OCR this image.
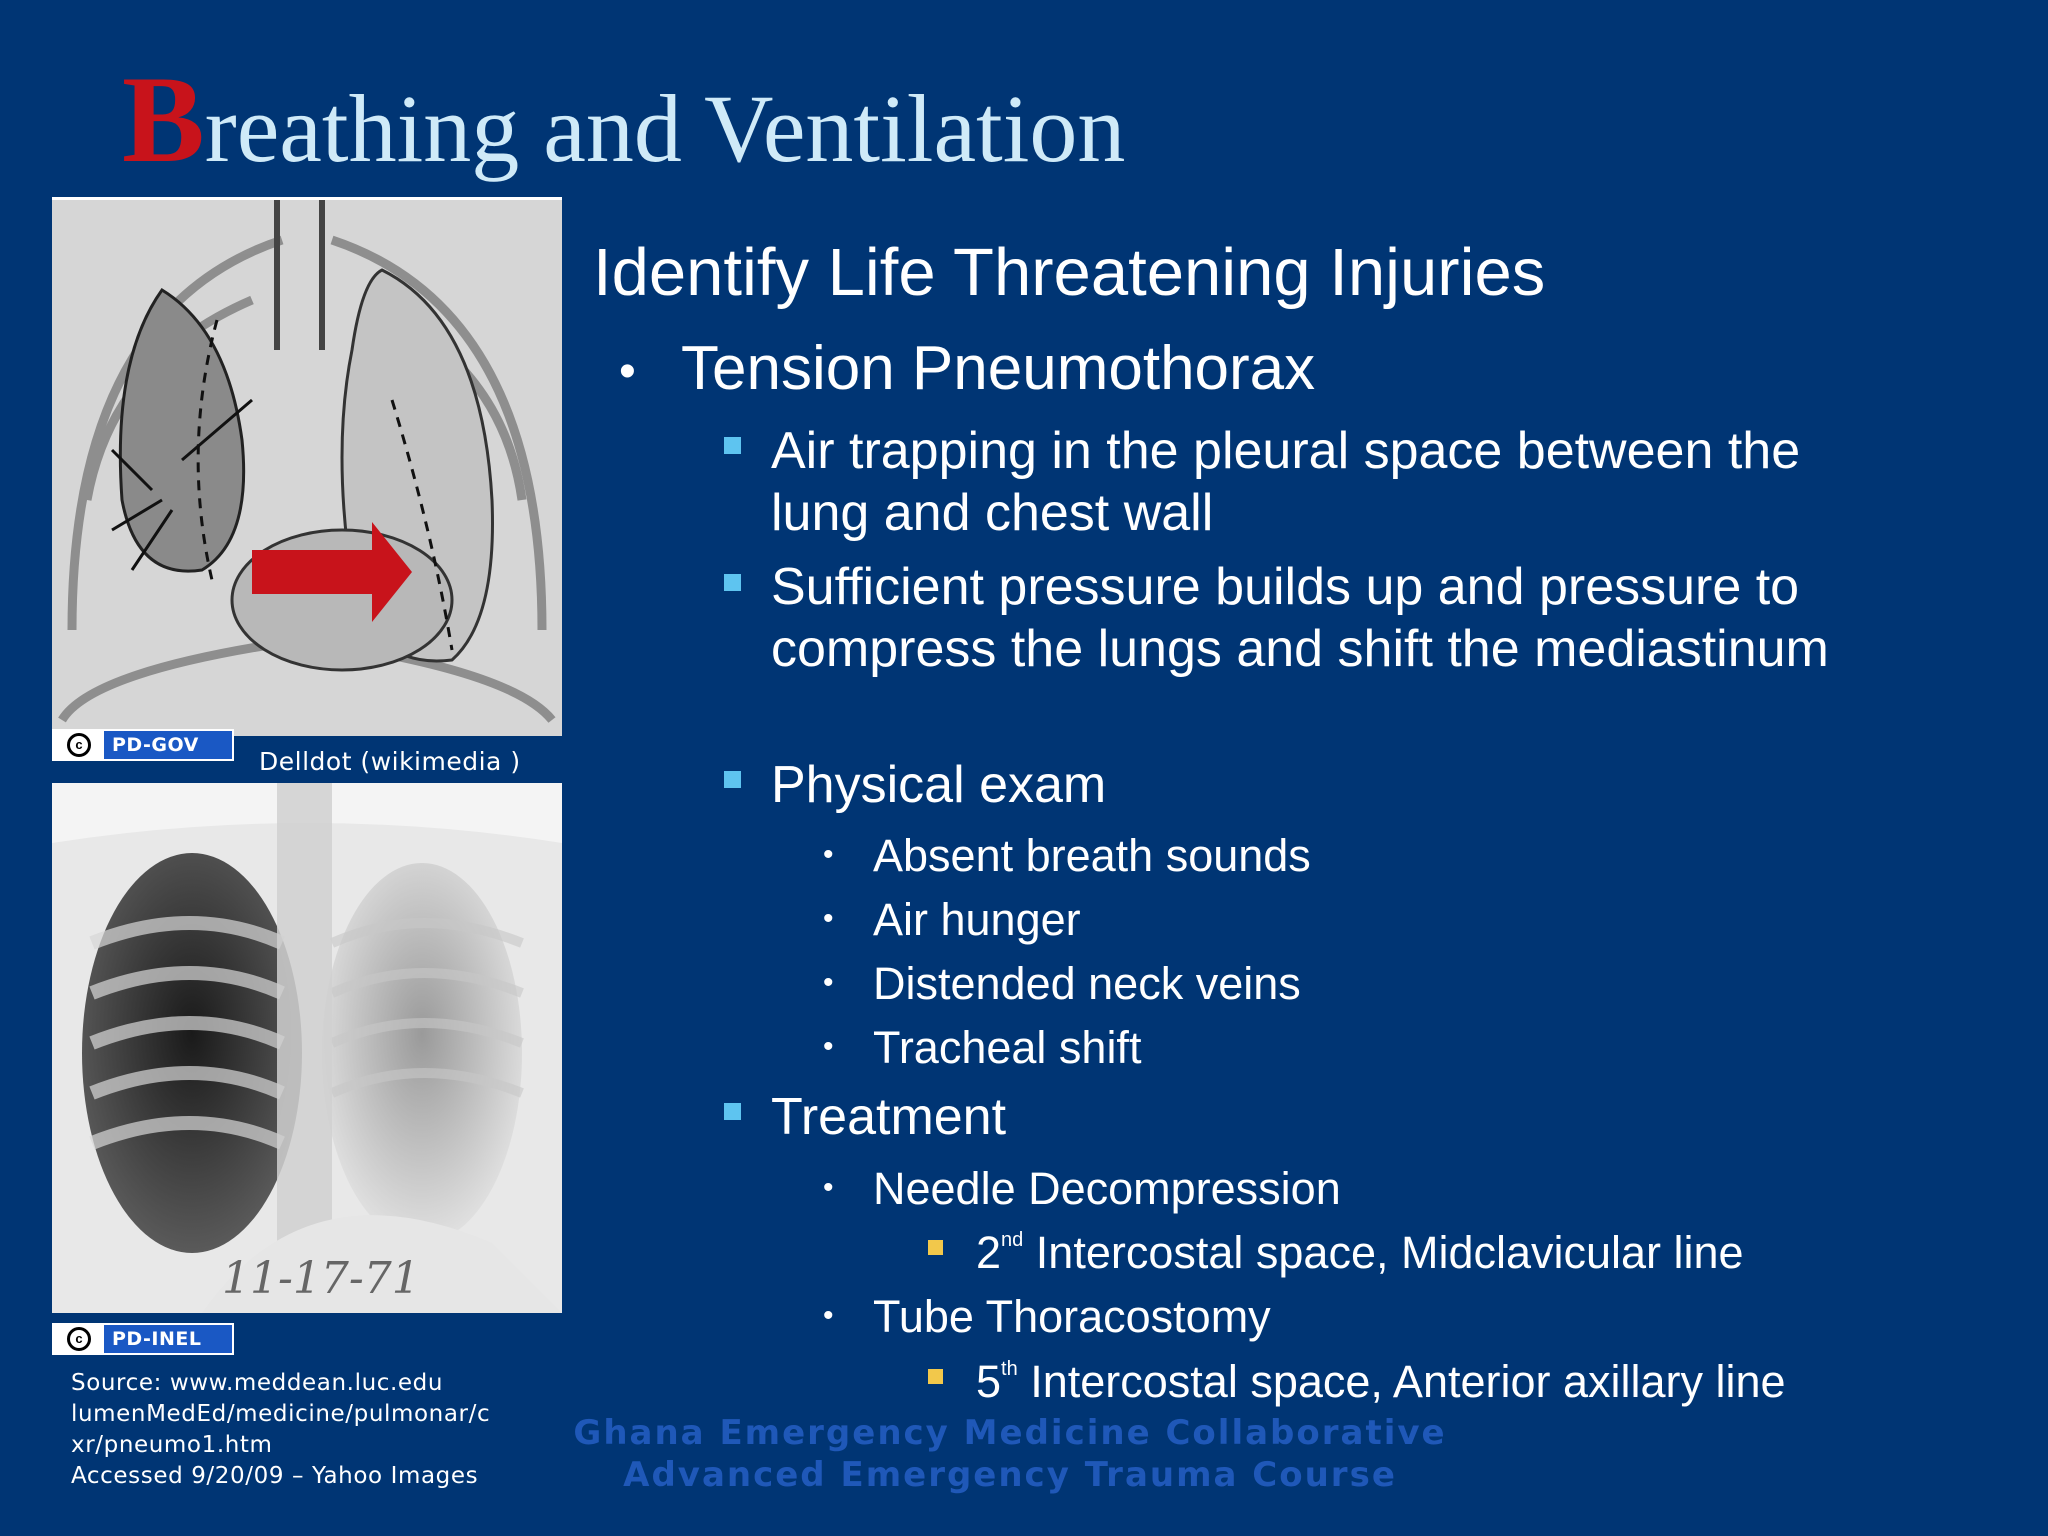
Breathing and Ventilation
c	PD-GOV
Delldot (wikimedia )
11-17-71
c	PD-INEL
Source: www.meddean.luc.edu
lumenMedEd/medicine/pulmonar/c
xr/pneumo1.htm
Accessed 9/20/09 – Yahoo Images
Identify Life Threatening Injuries
• Tension Pneumothorax
Air trapping in the pleural space between the lung and chest wall
Sufficient pressure builds up and pressure to compress the lungs and shift the mediastinum
Physical exam
• Absent breath sounds
• Air hunger
• Distended neck veins
• Tracheal shift
Treatment
• Needle Decompression
2nd Intercostal space, Midclavicular line
• Tube Thoracostomy
5th Intercostal space, Anterior axillary line
Ghana Emergency Medicine Collaborative
Advanced Emergency Trauma Course
